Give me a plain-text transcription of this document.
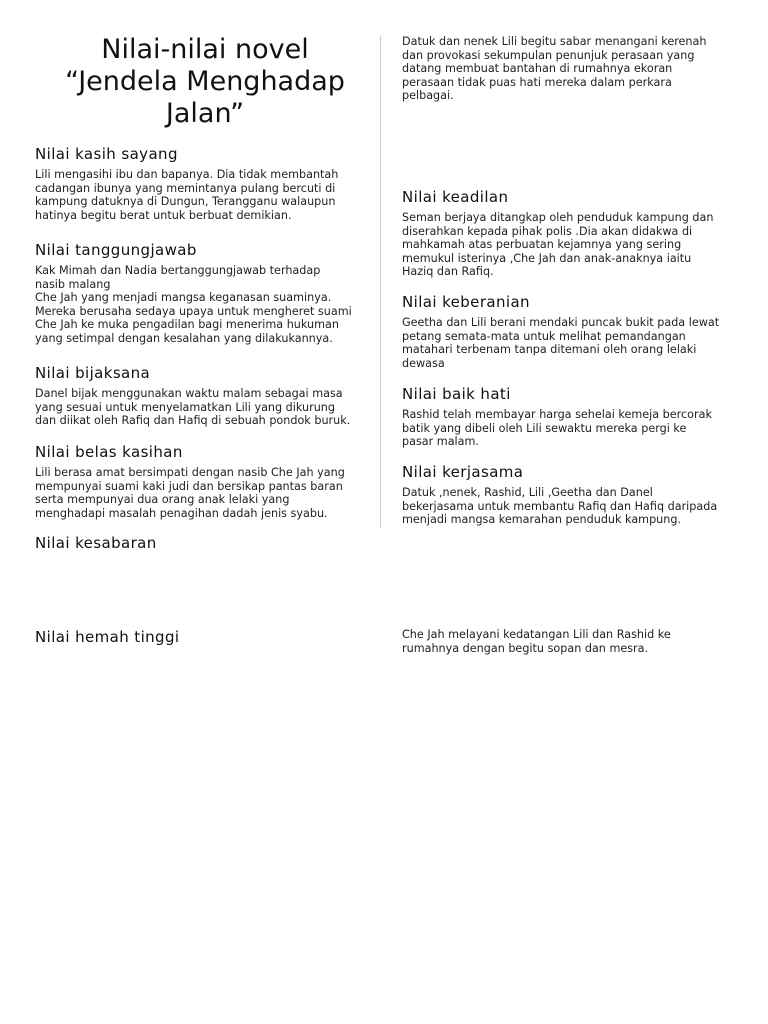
Nilai-nilai novel
“Jendela Menghadap
Jalan”
Nilai kasih sayang

Lili mengasihi ibu dan bapanya. Dia tidak membantah
cadangan ibunya yang memintanya pulang bercuti di
kampung datuknya di Dungun, Terangganu walaupun
hatinya begitu berat untuk berbuat demikian.

Nilai tanggungjawab

Kak Mimah dan Nadia bertanggungjawab terhadap
nasib malang
Che Jah yang menjadi mangsa keganasan suaminya.
Mereka berusaha sedaya upaya untuk mengheret suami
Che Jah ke muka pengadilan bagi menerima hukuman
yang setimpal dengan kesalahan yang dilakukannya.

Nilai bijaksana

Danel bijak menggunakan waktu malam sebagai masa
yang sesuai untuk menyelamatkan Lili yang dikurung
dan diikat oleh Rafiq dan Hafiq di sebuah pondok buruk.

Nilai belas kasihan

Lili berasa amat bersimpati dengan nasib Che Jah yang
mempunyai suami kaki judi dan bersikap pantas baran
serta mempunyai dua orang anak lelaki yang
menghadapi masalah penagihan dadah jenis syabu.

Nilai kesabaran
Nilai hemah tinggi

Datuk dan nenek Lili begitu sabar menangani kerenah
dan provokasi sekumpulan penunjuk perasaan yang
datang membuat bantahan di rumahnya ekoran
perasaan tidak puas hati mereka dalam perkara
pelbagai.

Nilai keadilan

Seman berjaya ditangkap oleh penduduk kampung dan
diserahkan kepada pihak polis .Dia akan didakwa di
mahkamah atas perbuatan kejamnya yang sering
memukul isterinya ,Che Jah dan anak-anaknya iaitu
Haziq dan Rafiq.

Nilai keberanian

Geetha dan Lili berani mendaki puncak bukit pada lewat
petang semata-mata untuk melihat pemandangan
matahari terbenam tanpa ditemani oleh orang lelaki
dewasa

Nilai baik hati

Rashid telah membayar harga sehelai kemeja bercorak
batik yang dibeli oleh Lili sewaktu mereka pergi ke
pasar malam.

Nilai kerjasama

Datuk ,nenek, Rashid, Lili ,Geetha dan Danel
bekerjasama untuk membantu Rafiq dan Hafiq daripada
menjadi mangsa kemarahan penduduk kampung.

Che Jah melayani kedatangan Lili dan Rashid ke
rumahnya dengan begitu sopan dan mesra.
